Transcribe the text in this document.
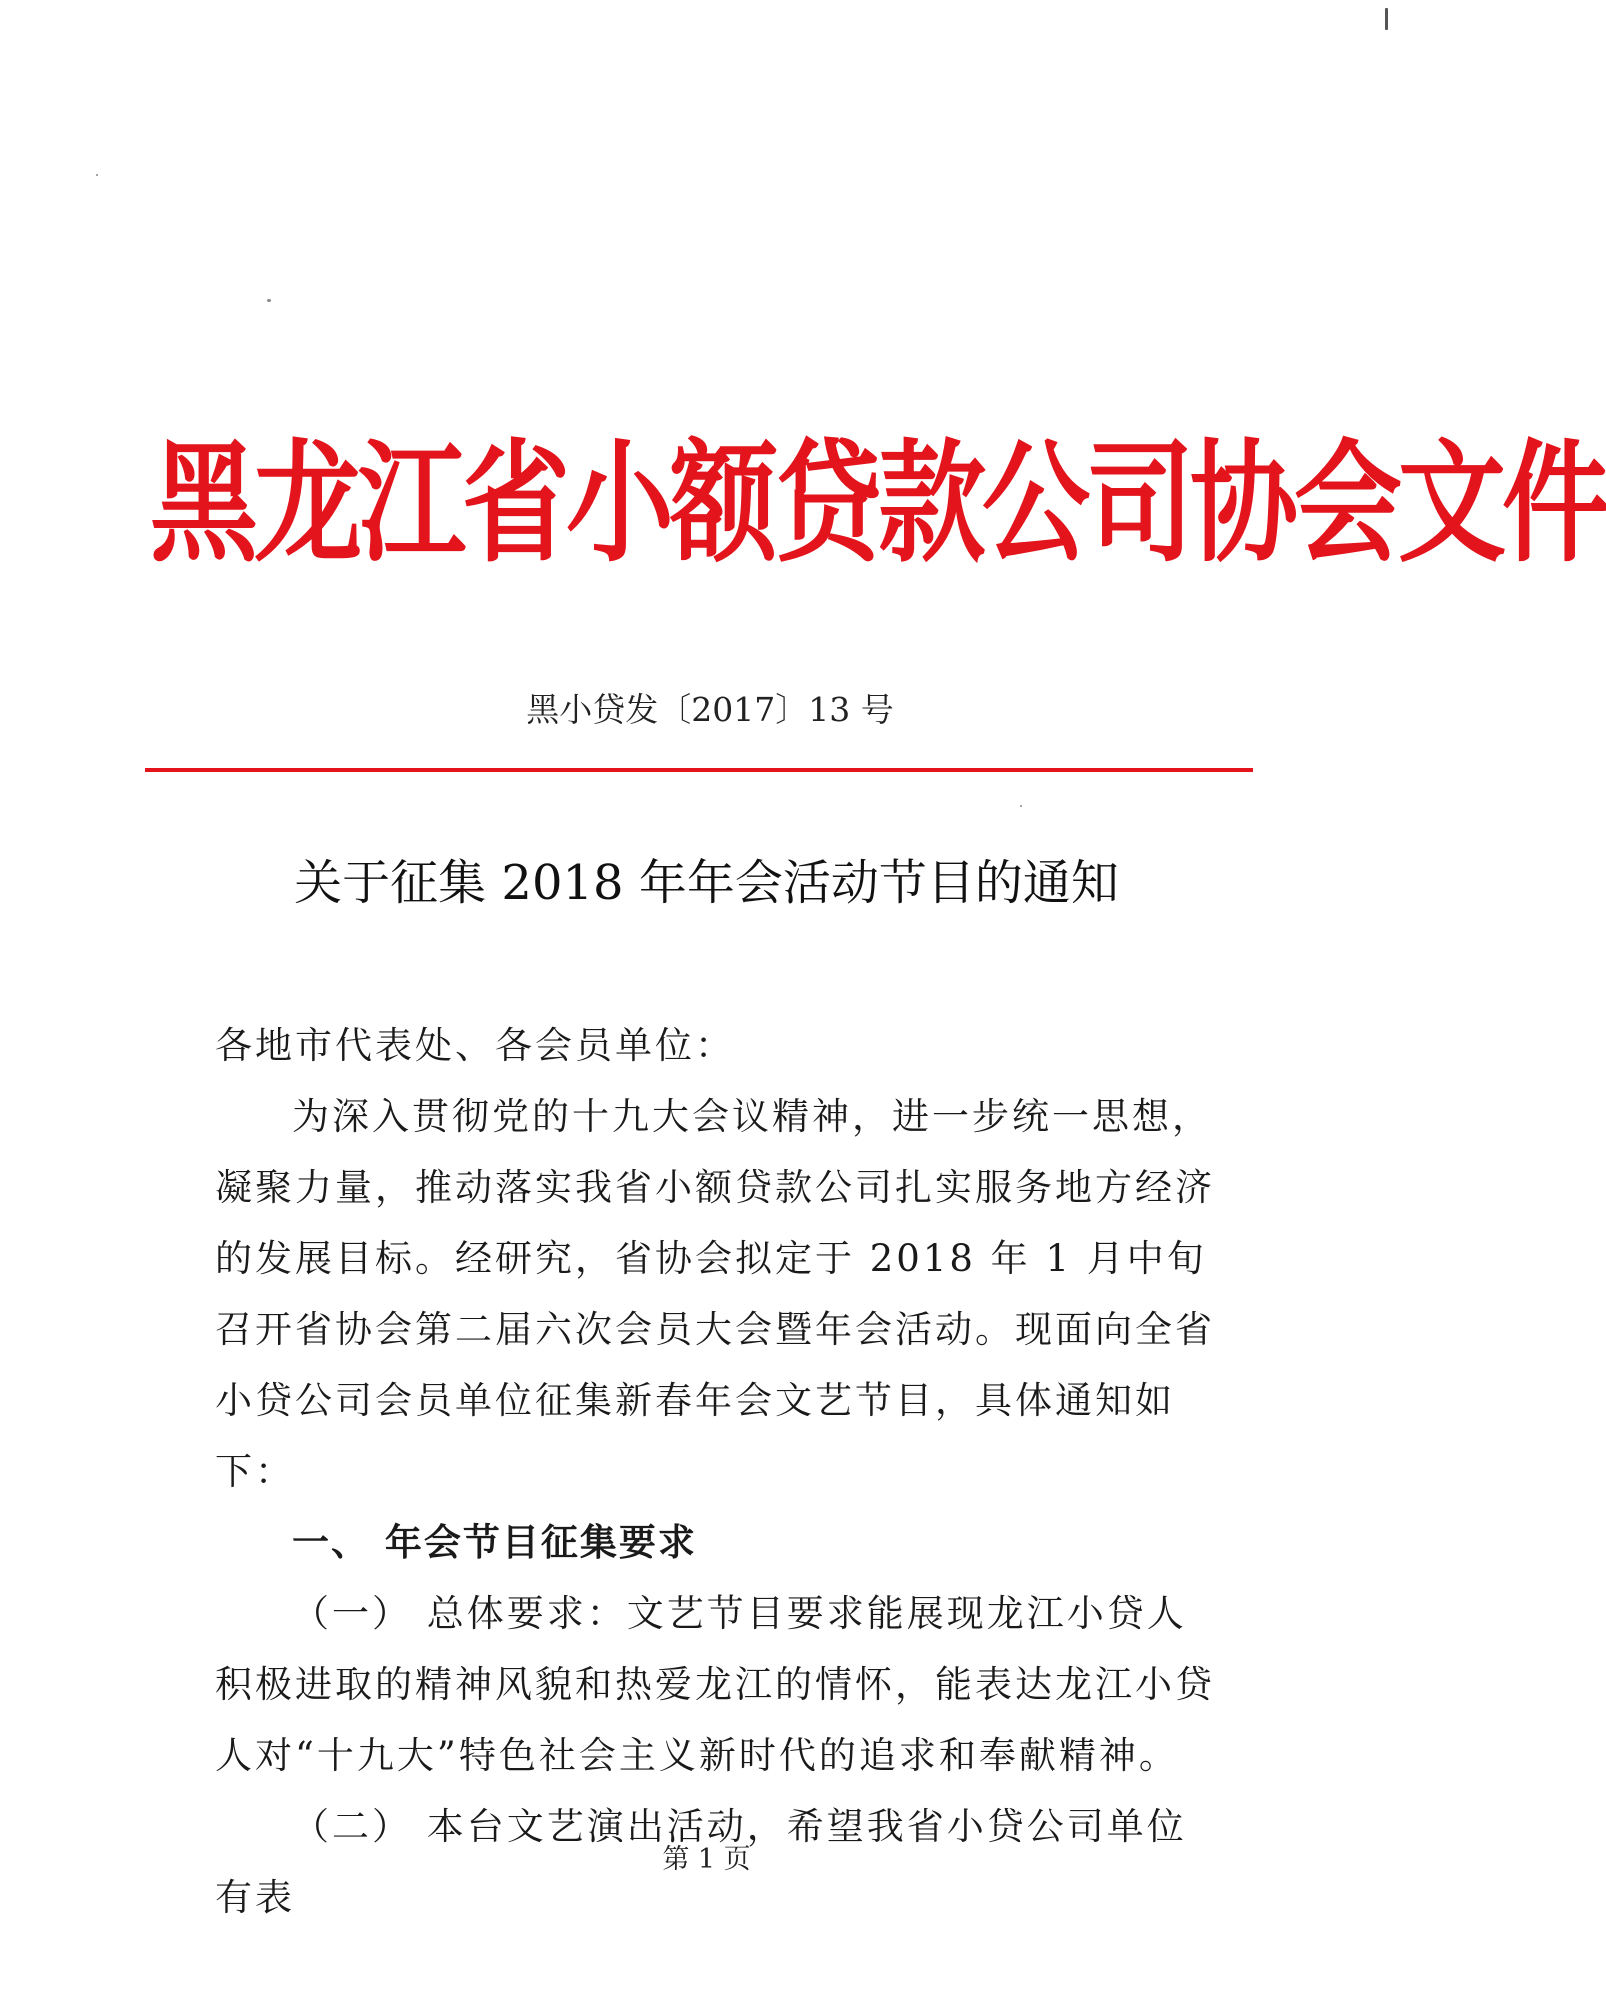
黑龙江省小额贷款公司协会文件
黑小贷发〔2017〕13 号
关于征集 2018 年年会活动节目的通知

各地市代表处、各会员单位：

为深入贯彻党的十九大会议精神，进一步统一思想，凝聚力量，推动落实我省小额贷款公司扎实服务地方经济的发展目标。经研究，省协会拟定于 2018 年 1 月中旬召开省协会第二届六次会员大会暨年会活动。现面向全省小贷公司会员单位征集新春年会文艺节目，具体通知如下：

一、 年会节目征集要求

（一） 总体要求：文艺节目要求能展现龙江小贷人积极进取的精神风貌和热爱龙江的情怀，能表达龙江小贷人对“十九大”特色社会主义新时代的追求和奉献精神。

（二） 本台文艺演出活动，希望我省小贷公司单位有表

第 1 页
